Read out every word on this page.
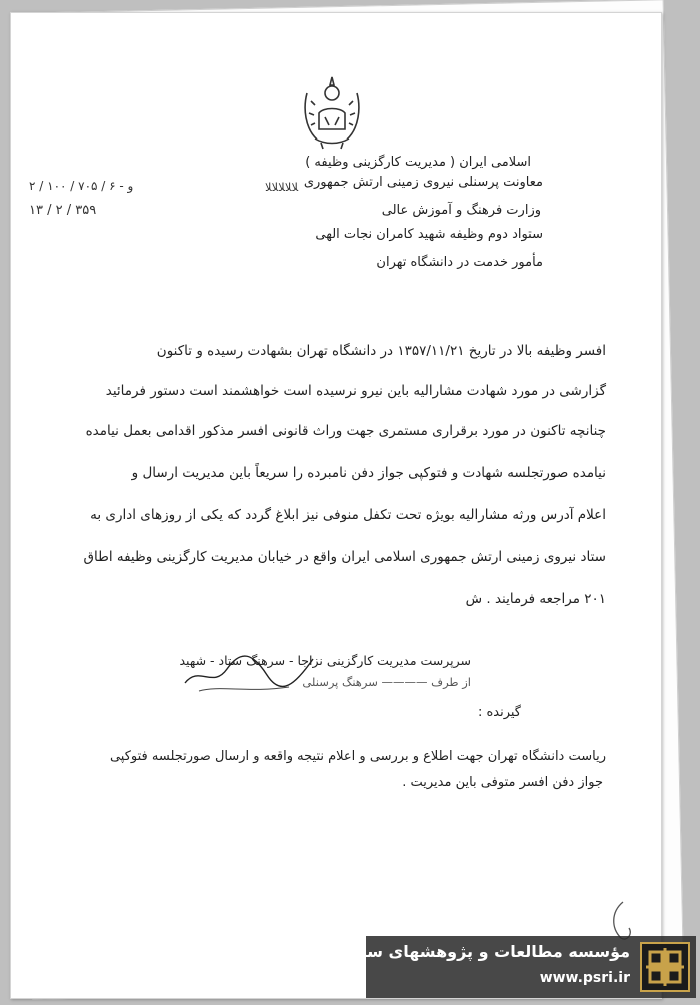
اسلامی ایران ( مدیریت کارگزینی وظیفه )
معاونت پرسنلی نیروی زمینی ارتش جمهوری
وزارت فرهنگ و آموزش عالی
ستواد دوم وظیفه شهید کامران نجات الهی
مأمور خدمت در دانشگاه تهران
ﻼﻼﻼﻼﻼ
۲ / ۱۰۰ / ۷۰۵ / ۶ - و
۱۳ / ۲ / ۳۵۹
افسر وظیفه بالا در تاریخ ۱۳۵۷/۱۱/۲۱ در دانشگاه تهران بشهادت رسیده و تاکنون
گزارشی در مورد شهادت مشارالیه باین نیرو نرسیده است خواهشمند است دستور فرمائید
چنانچه تاکنون در مورد برقراری مستمری جهت وراث قانونی افسر مذکور اقدامی بعمل نیامده
نیامده صورتجلسه شهادت و فتوکپی جواز دفن نامبرده را سریعاً باین مدیریت ارسال و
اعلام آدرس ورثه مشارالیه بویژه تحت تکفل منوفی نیز ابلاغ گردد که یکی از روزهای اداری به
ستاد نیروی زمینی ارتش جمهوری اسلامی ایران واقع در خیابان مدیریت کارگزینی وظیفه اطاق
۲۰۱ مراجعه فرمایند . ش
سرپرست مدیریت کارگزینی نزاجا - سرهنگ ستاد - شهید
از طرف ———— سرهنگ پرسنلی
گیرنده :
ریاست دانشگاه تهران جهت اطلاع و بررسی و اعلام نتیجه واقعه و ارسال صورتجلسه فتوکپی
جواز دفن افسر متوفی باین مدیریت .
مؤسسه مطالعات و پژوهشهای سیاسی
www.psri.ir
